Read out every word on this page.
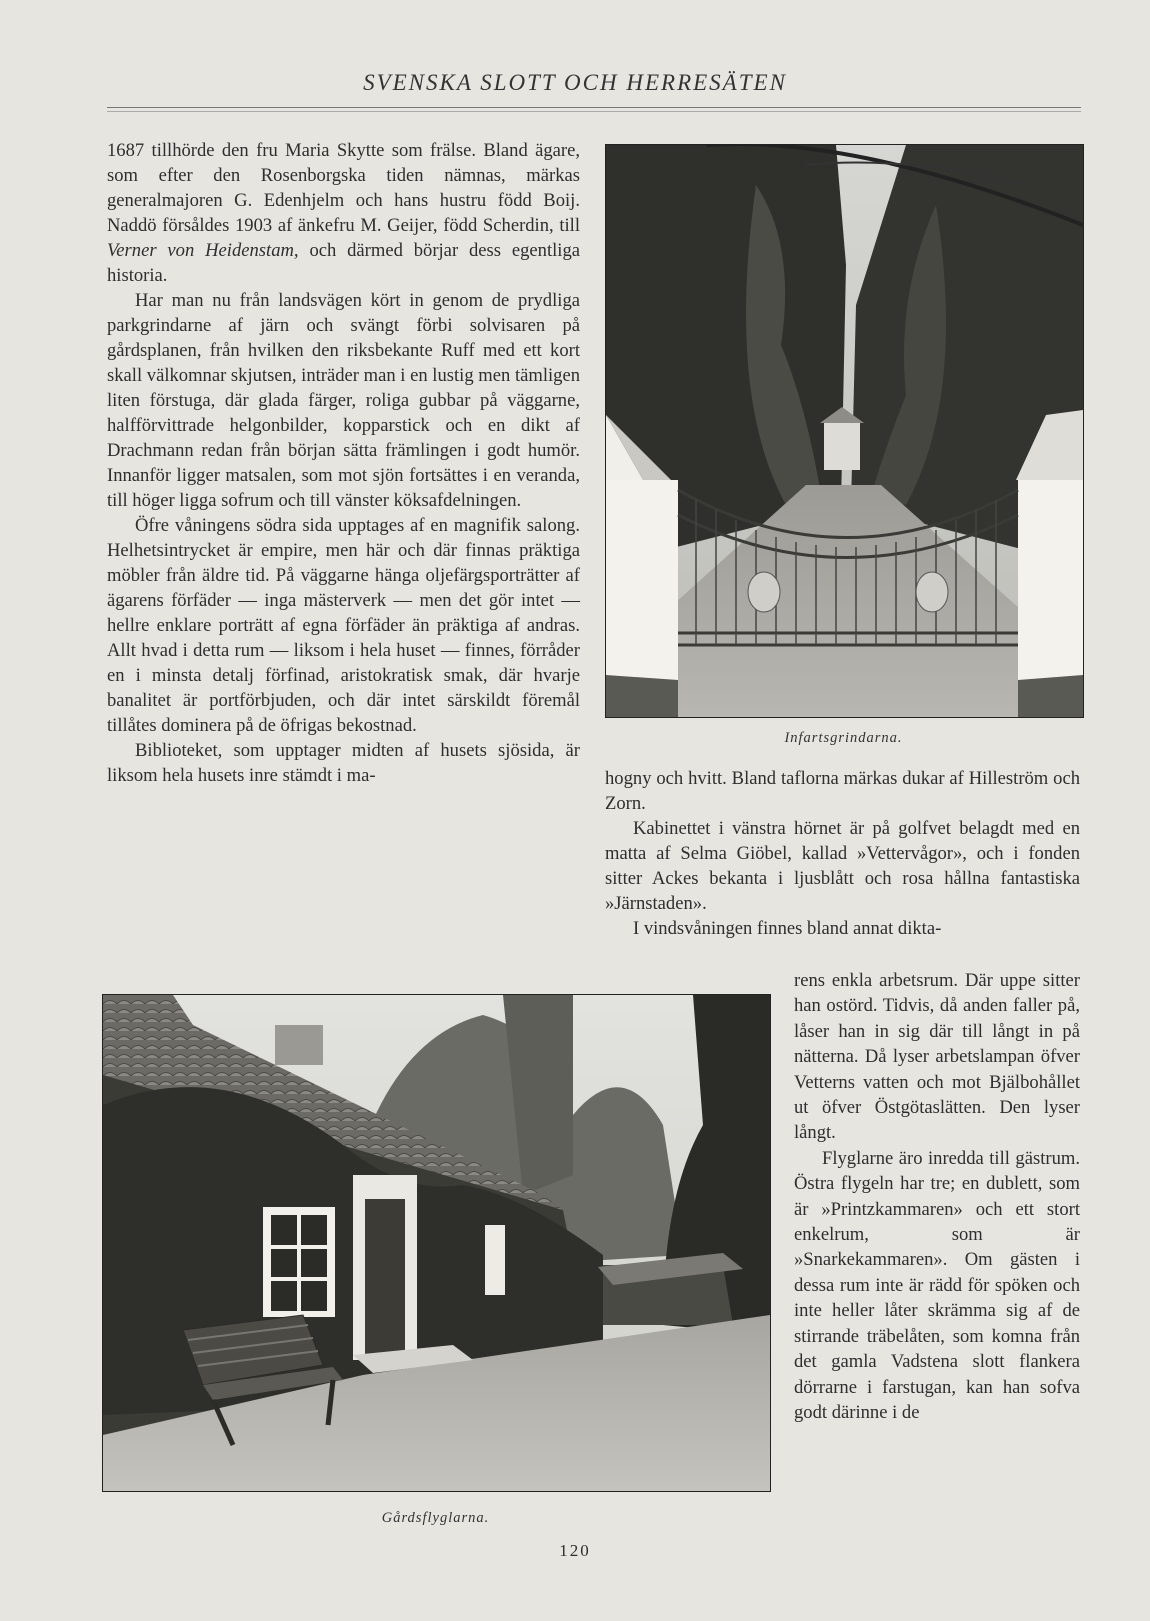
SVENSKA SLOTT OCH HERRESÄTEN

1687 tillhörde den fru Maria Skytte som frälse. Bland ägare, som efter den Rosenborgska tiden nämnas, märkas generalmajoren G. Edenhjelm och hans hustru född Boij. Naddö försåldes 1903 af änkefru M. Geijer, född Scherdin, till Verner von Heidenstam, och därmed börjar dess egentliga historia.

Har man nu från landsvägen kört in genom de prydliga parkgrindarne af järn och svängt förbi solvisaren på gårdsplanen, från hvilken den riksbekante Ruff med ett kort skall välkomnar skjutsen, inträder man i en lustig men tämligen liten förstuga, där glada färger, roliga gubbar på väggarne, halfförvittrade helgonbilder, kopparstick och en dikt af Drachmann redan från början sätta främlingen i godt humör. Innanför ligger matsalen, som mot sjön fortsättes i en veranda, till höger ligga sofrum och till vänster köksafdelningen.

Öfre våningens södra sida upptages af en magnifik salong. Helhetsintrycket är empire, men här och där finnas präktiga möbler från äldre tid. På väggarne hänga oljefärgsporträtter af ägarens förfäder — inga mästerverk — men det gör intet — hellre enklare porträtt af egna förfäder än präktiga af andras. Allt hvad i detta rum — liksom i hela huset — finnes, förråder en i minsta detalj förfinad, aristokratisk smak, där hvarje banalitet är portförbjuden, och där intet särskildt föremål tillåtes dominera på de öfrigas bekostnad.

Biblioteket, som upptager midten af husets sjösida, är liksom hela husets inre stämdt i ma-

Infartsgrindarna.

hogny och hvitt. Bland taflorna märkas dukar af Hilleström och Zorn.

Kabinettet i vänstra hörnet är på golfvet belagdt med en matta af Selma Giöbel, kallad »Vettervågor», och i fonden sitter Ackes bekanta i ljusblått och rosa hållna fantastiska »Järnstaden».

I vindsvåningen finnes bland annat dikta-

rens enkla arbetsrum. Där uppe sitter han ostörd. Tidvis, då anden faller på, låser han in sig där till långt in på nätterna. Då lyser arbetslampan öfver Vetterns vatten och mot Bjälbohållet ut öfver Östgötaslätten. Den lyser långt.

Flyglarne äro inredda till gästrum. Östra flygeln har tre; en dublett, som är »Printzkammaren» och ett stort enkelrum, som är »Snarkekammaren». Om gästen i dessa rum inte är rädd för spöken och inte heller låter skrämma sig af de stirrande träbelåten, som komna från det gamla Vadstena slott flankera dörrarne i farstugan, kan han sofva godt därinne i de

Gårdsflyglarna.
120
